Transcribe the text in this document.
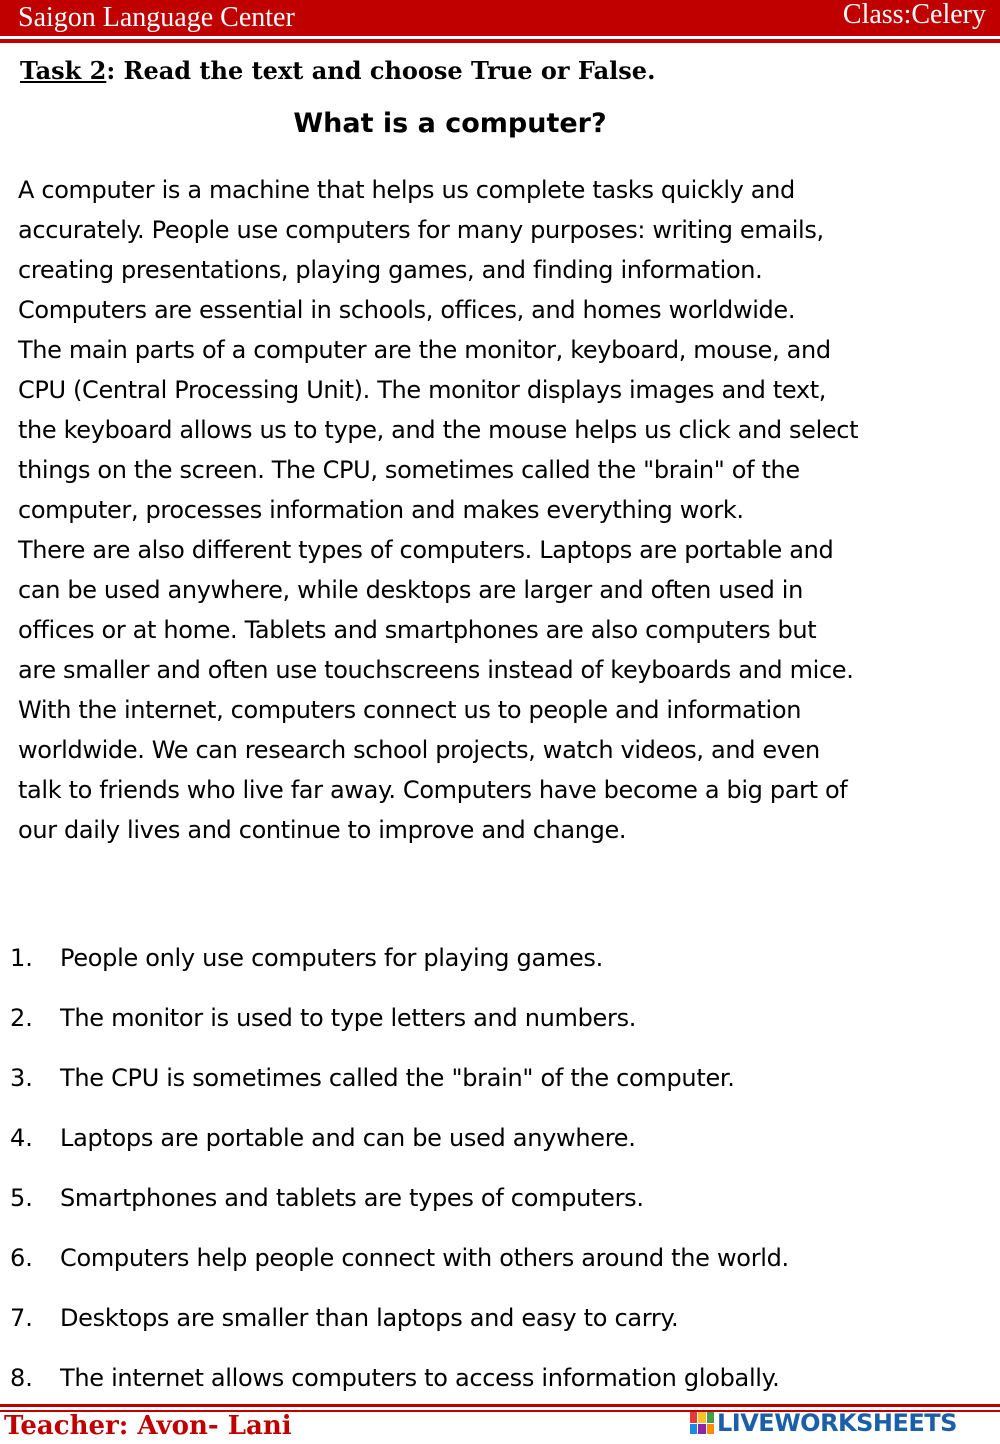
Saigon Language Center	Class:Celery
Task 2: Read the text and choose True or False.
What is a computer?
A computer is a machine that helps us complete tasks quickly and
accurately. People use computers for many purposes: writing emails,
creating presentations, playing games, and finding information.
Computers are essential in schools, offices, and homes worldwide.
The main parts of a computer are the monitor, keyboard, mouse, and
CPU (Central Processing Unit). The monitor displays images and text,
the keyboard allows us to type, and the mouse helps us click and select
things on the screen. The CPU, sometimes called the "brain" of the
computer, processes information and makes everything work.
There are also different types of computers. Laptops are portable and
can be used anywhere, while desktops are larger and often used in
offices or at home. Tablets and smartphones are also computers but
are smaller and often use touchscreens instead of keyboards and mice.
With the internet, computers connect us to people and information
worldwide. We can research school projects, watch videos, and even
talk to friends who live far away. Computers have become a big part of
our daily lives and continue to improve and change.
1. People only use computers for playing games.
2. The monitor is used to type letters and numbers.
3. The CPU is sometimes called the "brain" of the computer.
4. Laptops are portable and can be used anywhere.
5. Smartphones and tablets are types of computers.
6. Computers help people connect with others around the world.
7. Desktops are smaller than laptops and easy to carry.
8. The internet allows computers to access information globally.
Teacher: Avon- Lani	LIVEWORKSHEETS
